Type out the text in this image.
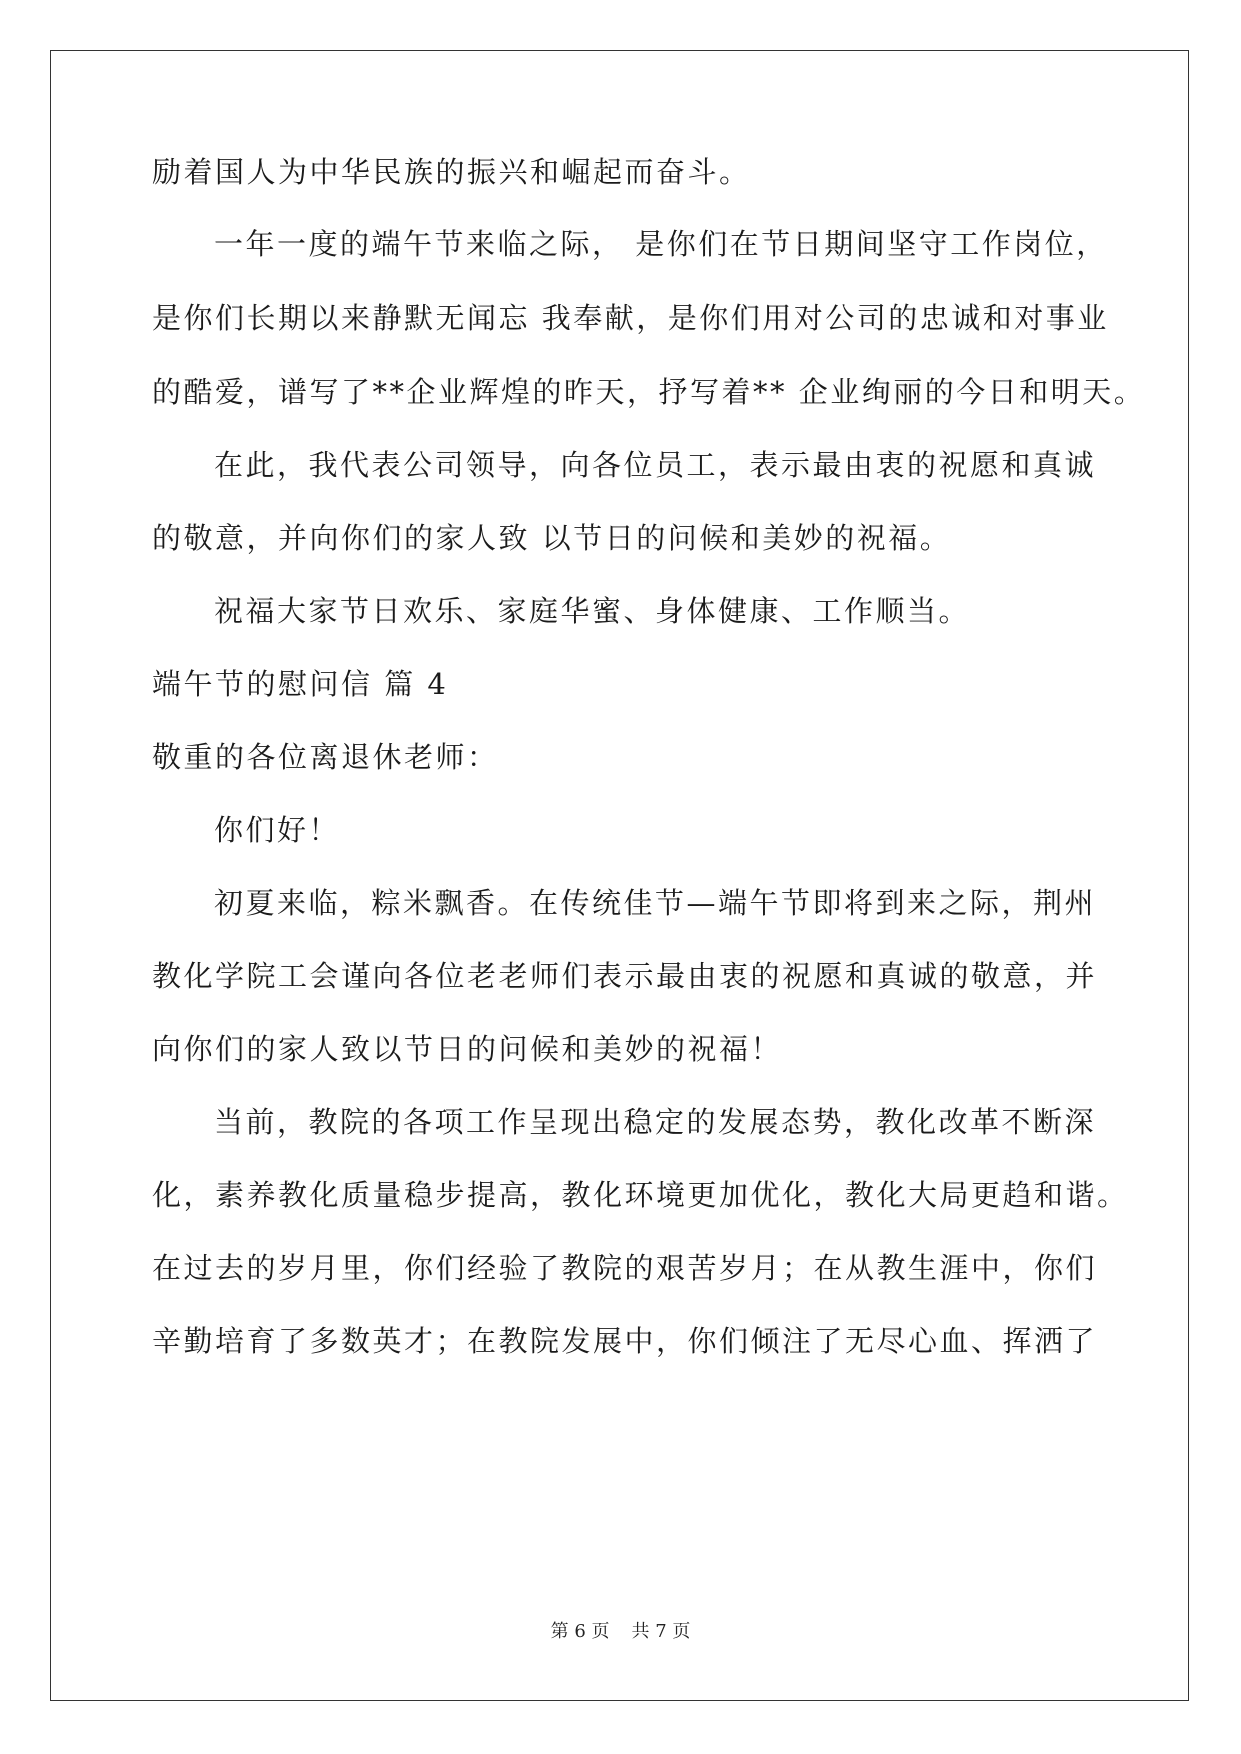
励着国人为中华民族的振兴和崛起而奋斗。
一年一度的端午节来临之际， 是你们在节日期间坚守工作岗位，
是你们长期以来静默无闻忘 我奉献，是你们用对公司的忠诚和对事业
的酷爱，谱写了**企业辉煌的昨天，抒写着** 企业绚丽的今日和明天。
在此，我代表公司领导，向各位员工，表示最由衷的祝愿和真诚
的敬意，并向你们的家人致 以节日的问候和美妙的祝福。
祝福大家节日欢乐、家庭华蜜、身体健康、工作顺当。
端午节的慰问信 篇 4
敬重的各位离退休老师：
你们好！
初夏来临，粽米飘香。在传统佳节—端午节即将到来之际，荆州
教化学院工会谨向各位老老师们表示最由衷的祝愿和真诚的敬意，并
向你们的家人致以节日的问候和美妙的祝福！
当前，教院的各项工作呈现出稳定的发展态势，教化改革不断深
化，素养教化质量稳步提高，教化环境更加优化，教化大局更趋和谐。
在过去的岁月里，你们经验了教院的艰苦岁月；在从教生涯中，你们
辛勤培育了多数英才；在教院发展中，你们倾注了无尽心血、挥洒了
第 6 页 共 7 页
